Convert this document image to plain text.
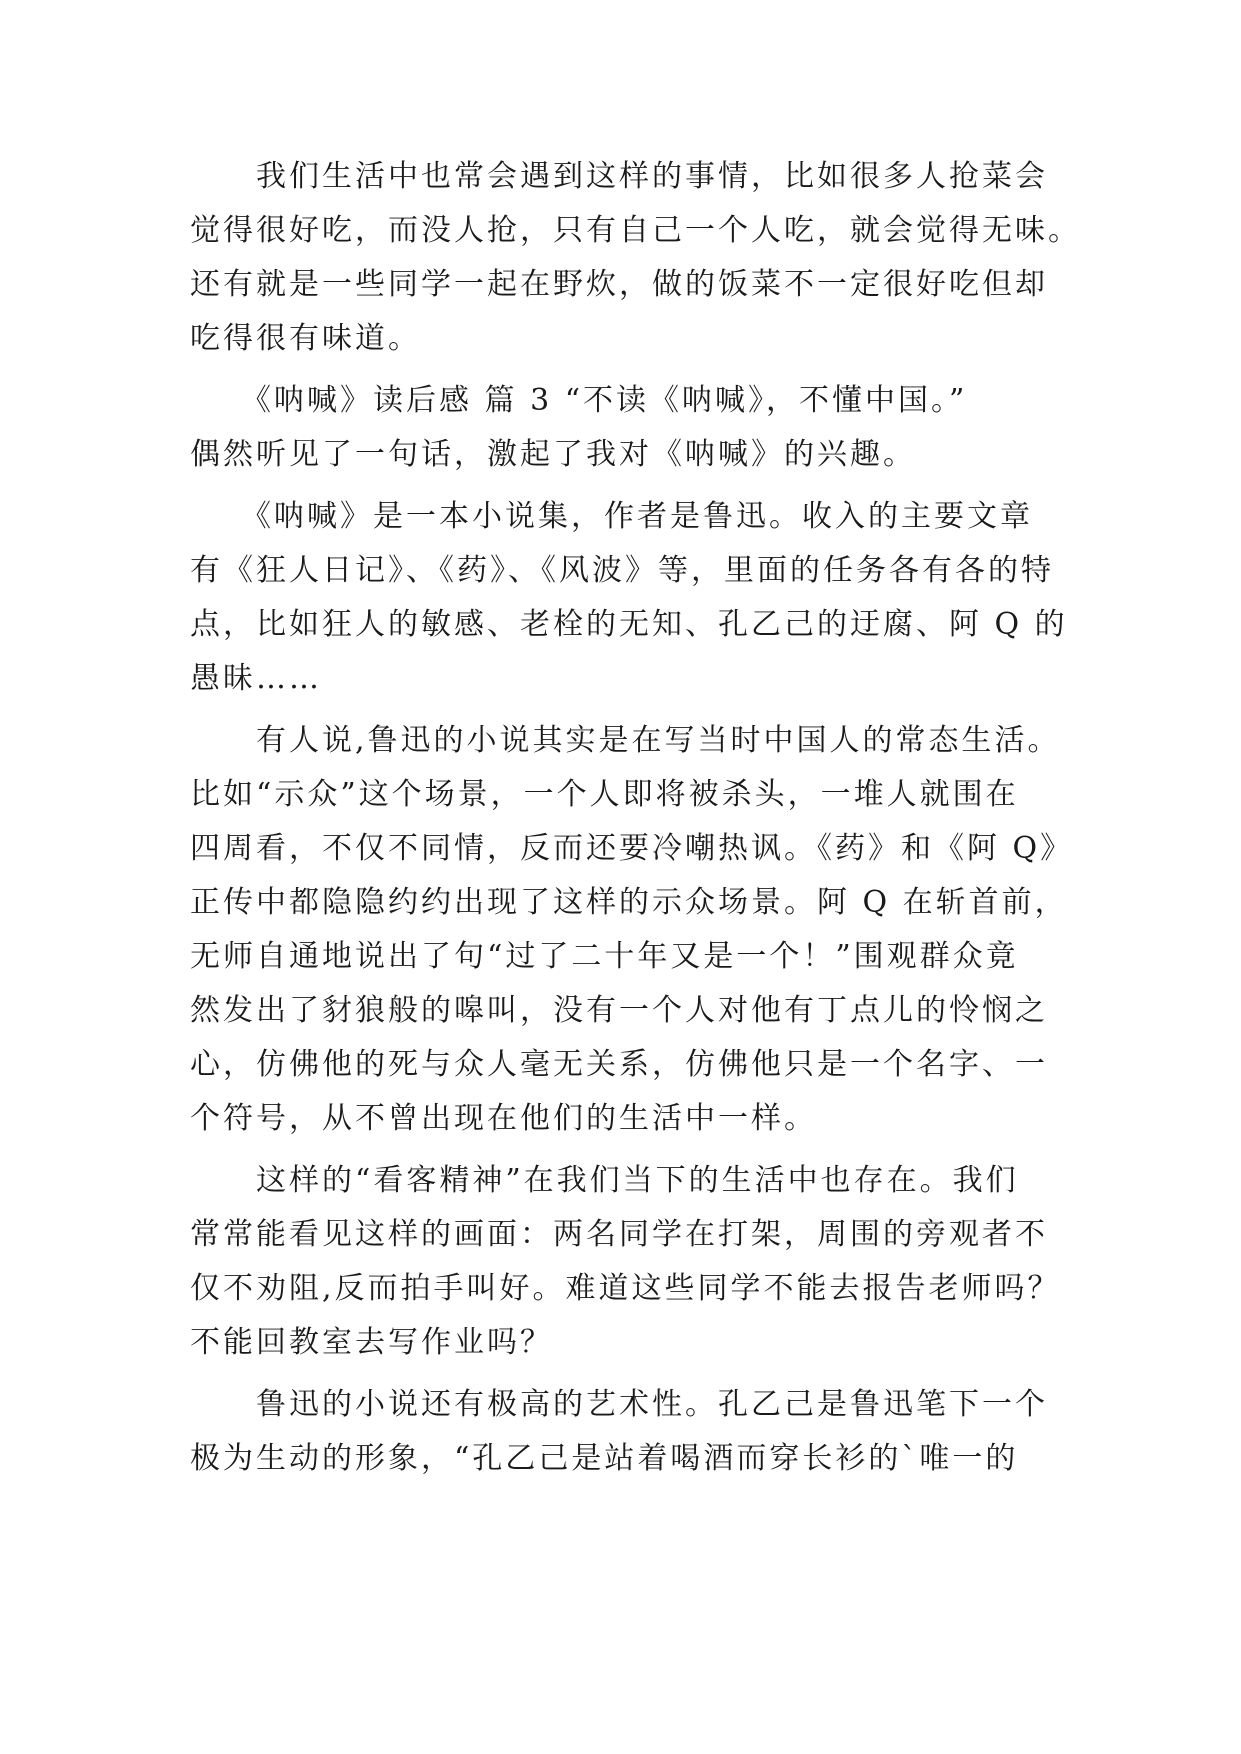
　　我们生活中也常会遇到这样的事情，比如很多人抢菜会
觉得很好吃，而没人抢，只有自己一个人吃，就会觉得无味。
还有就是一些同学一起在野炊，做的饭菜不一定很好吃但却
吃得很有味道。
　　《呐喊》读后感 篇 3 “不读《呐喊》，不懂中国。”
偶然听见了一句话，激起了我对《呐喊》的兴趣。
　　《呐喊》是一本小说集，作者是鲁迅。收入的主要文章
有《狂人日记》、《药》、《风波》等，里面的任务各有各的特
点，比如狂人的敏感、老栓的无知、孔乙己的迂腐、阿 Q 的
愚昧……
　　有人说,鲁迅的小说其实是在写当时中国人的常态生活。
比如“示众”这个场景，一个人即将被杀头，一堆人就围在
四周看，不仅不同情，反而还要冷嘲热讽。《药》和《阿 Q》
正传中都隐隐约约出现了这样的示众场景。阿 Q 在斩首前，
无师自通地说出了句“过了二十年又是一个！”围观群众竟
然发出了豺狼般的嗥叫，没有一个人对他有丁点儿的怜悯之
心，仿佛他的死与众人毫无关系，仿佛他只是一个名字、一
个符号，从不曾出现在他们的生活中一样。
　　这样的“看客精神”在我们当下的生活中也存在。我们
常常能看见这样的画面：两名同学在打架，周围的旁观者不
仅不劝阻,反而拍手叫好。难道这些同学不能去报告老师吗？
不能回教室去写作业吗？
　　鲁迅的小说还有极高的艺术性。孔乙己是鲁迅笔下一个
极为生动的形象，“孔乙己是站着喝酒而穿长衫的`唯一的
